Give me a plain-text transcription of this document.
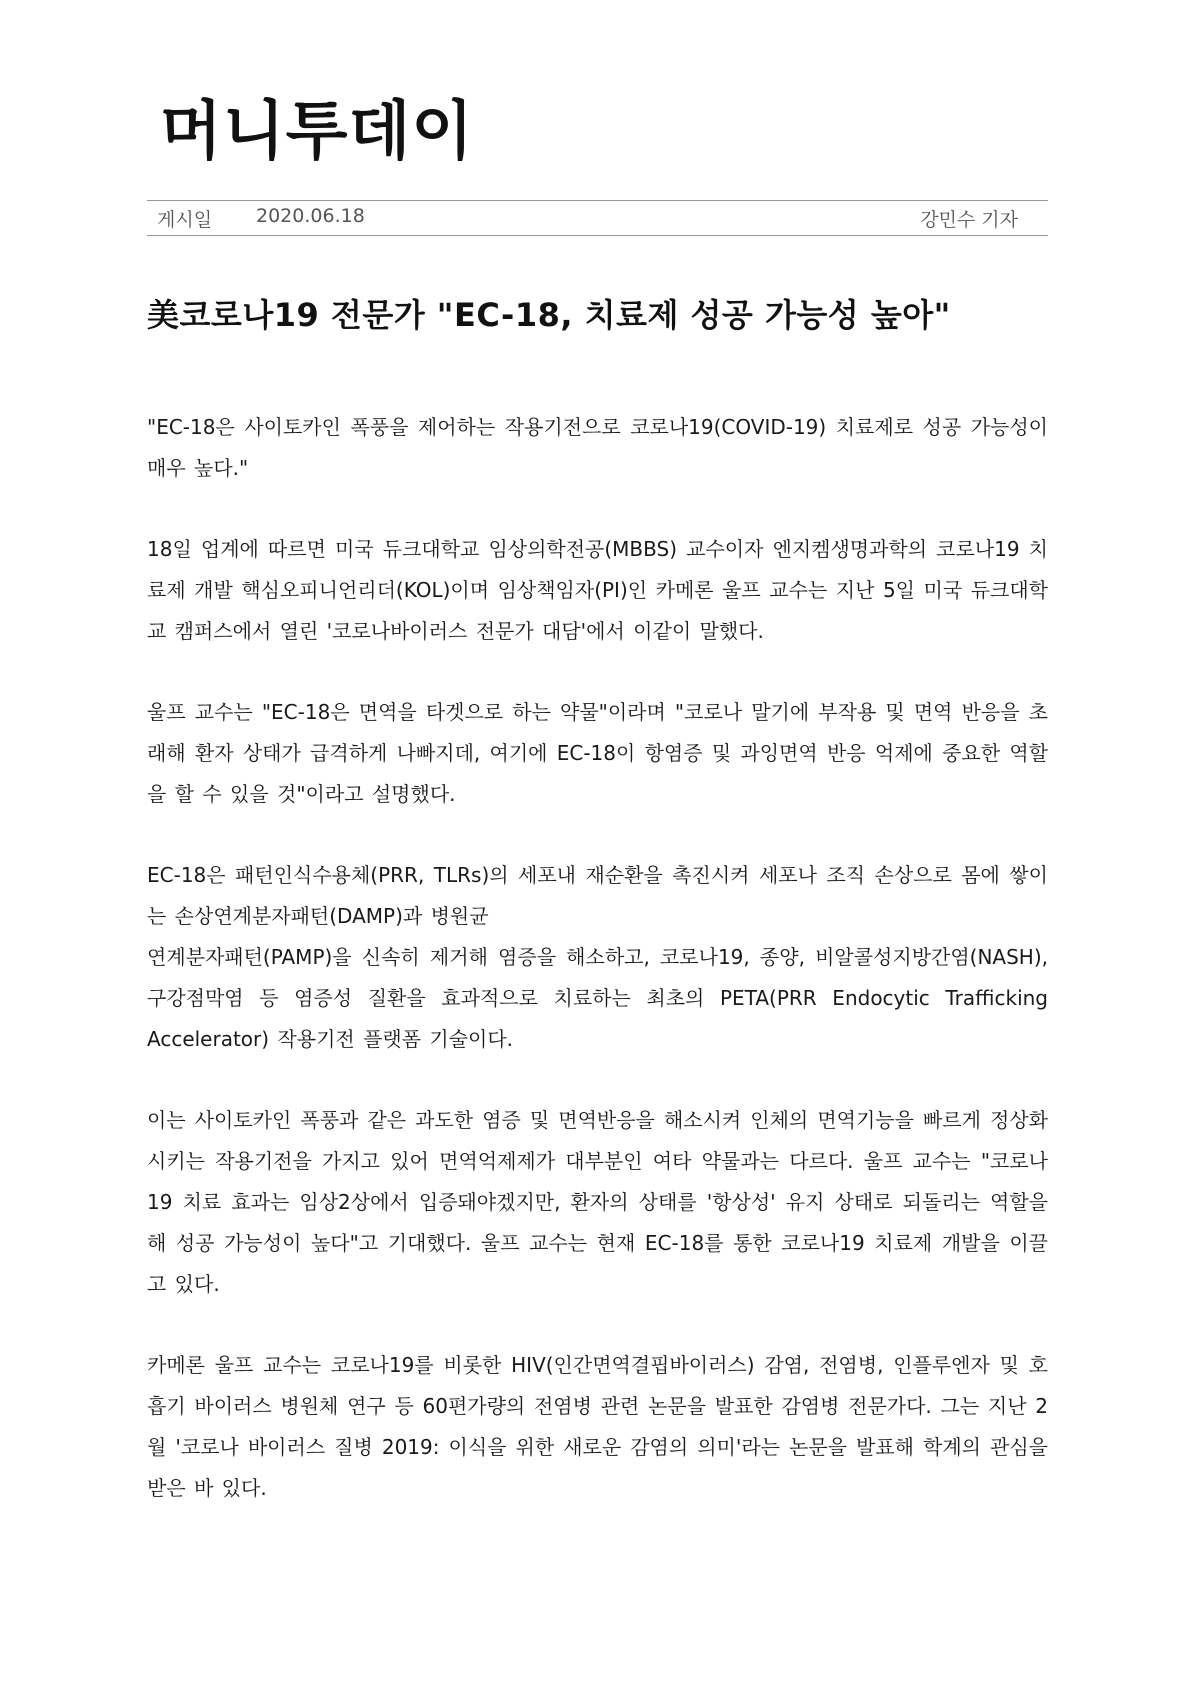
머니투데이
게시일 2020.06.18	강민수 기자
美코로나19 전문가 "EC-18, 치료제 성공 가능성 높아"

"EC-18은 사이토카인 폭풍을 제어하는 작용기전으로 코로나19(COVID-19) 치료제로 성공 가능성이 매우 높다."

18일 업계에 따르면 미국 듀크대학교 임상의학전공(MBBS) 교수이자 엔지켐생명과학의 코로나19 치료제 개발 핵심오피니언리더(KOL)이며 임상책임자(PI)인 카메론 울프 교수는 지난 5일 미국 듀크대학교 캠퍼스에서 열린 '코로나바이러스 전문가 대담'에서 이같이 말했다.

울프 교수는 "EC-18은 면역을 타겟으로 하는 약물"이라며 "코로나 말기에 부작용 및 면역 반응을 초래해 환자 상태가 급격하게 나빠지데, 여기에 EC-18이 항염증 및 과잉면역 반응 억제에 중요한 역할을 할 수 있을 것"이라고 설명했다.

EC-18은 패턴인식수용체(PRR, TLRs)의 세포내 재순환을 촉진시켜 세포나 조직 손상으로 몸에 쌓이는 손상연계분자패턴(DAMP)과 병원균

연계분자패턴(PAMP)을 신속히 제거해 염증을 해소하고, 코로나19, 종양, 비알콜성지방간염(NASH), 구강점막염 등 염증성 질환을 효과적으로 치료하는 최초의 PETA(PRR Endocytic Trafficking Accelerator) 작용기전 플랫폼 기술이다.

이는 사이토카인 폭풍과 같은 과도한 염증 및 면역반응을 해소시켜 인체의 면역기능을 빠르게 정상화 시키는 작용기전을 가지고 있어 면역억제제가 대부분인 여타 약물과는 다르다. 울프 교수는 "코로나19 치료 효과는 임상2상에서 입증돼야겠지만, 환자의 상태를 '항상성' 유지 상태로 되돌리는 역할을 해 성공 가능성이 높다"고 기대했다. 울프 교수는 현재 EC-18를 통한 코로나19 치료제 개발을 이끌고 있다.

카메론 울프 교수는 코로나19를 비롯한 HIV(인간면역결핍바이러스) 감염, 전염병, 인플루엔자 및 호흡기 바이러스 병원체 연구 등 60편가량의 전염병 관련 논문을 발표한 감염병 전문가다. 그는 지난 2월 '코로나 바이러스 질병 2019: 이식을 위한 새로운 감염의 의미'라는 논문을 발표해 학계의 관심을 받은 바 있다.
